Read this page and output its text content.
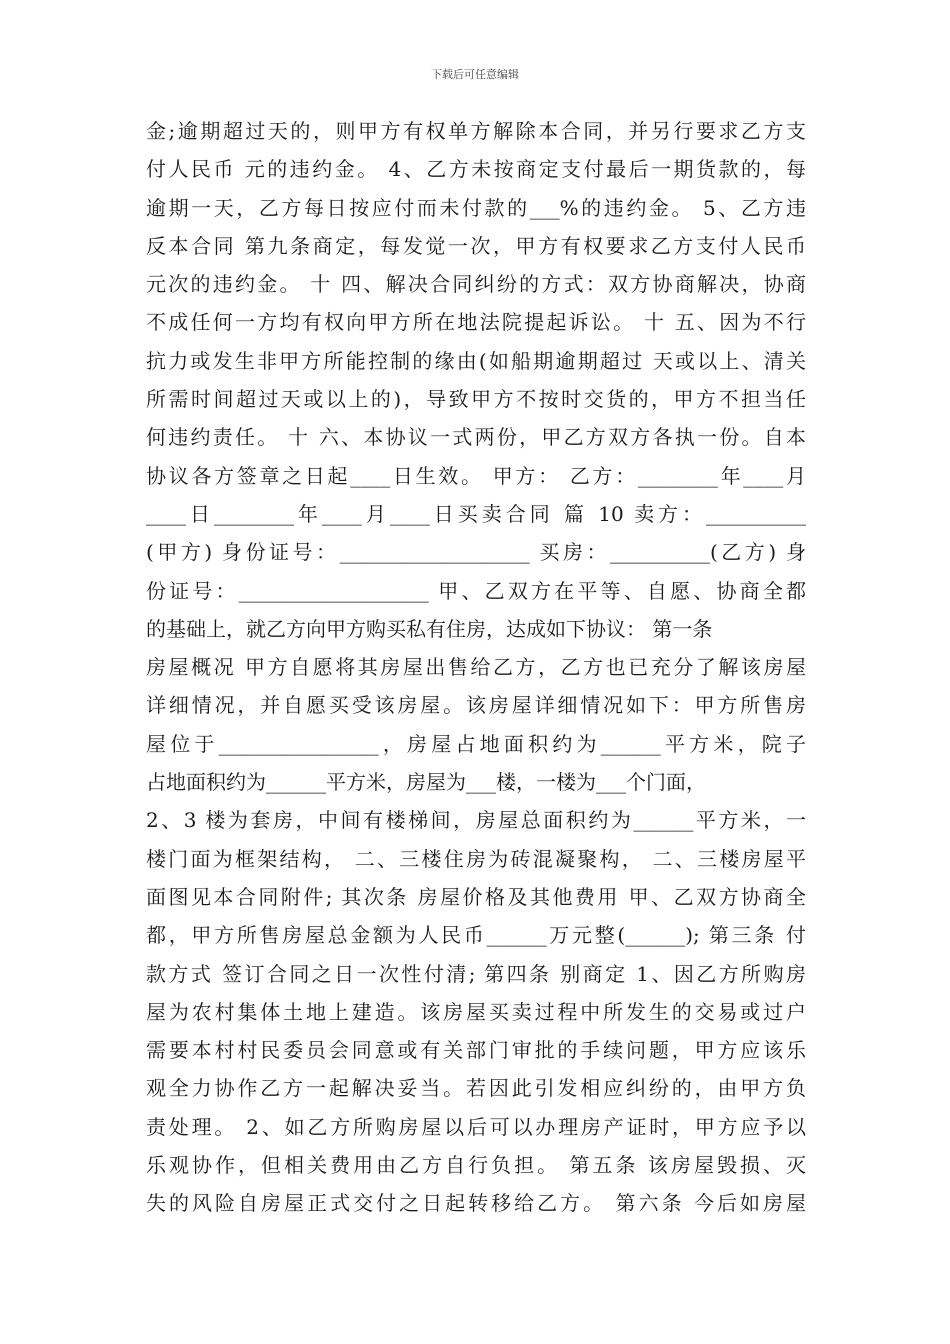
下载后可任意编辑
金;逾期超过天的，则甲方有权单方解除本合同，并另行要求乙方支
付人民币 元的违约金。 4、乙方未按商定支付最后一期货款的，每
逾期一天，乙方每日按应付而未付款的___%的违约金。 5、乙方违
反本合同 第九条商定，每发觉一次，甲方有权要求乙方支付人民币
元次的违约金。 十 四、解决合同纠纷的方式：双方协商解决，协商
不成任何一方均有权向甲方所在地法院提起诉讼。 十 五、因为不行
抗力或发生非甲方所能控制的缘由(如船期逾期超过 天或以上、清关
所需时间超过天或以上的)，导致甲方不按时交货的，甲方不担当任
何违约责任。 十 六、本协议一式两份，甲乙方双方各执一份。自本
协议各方签章之日起____日生效。 甲方： 乙方：________年____月
____日________年____月____日买卖合同 篇 10 卖方：__________
(甲方) 身份证号：___________________ 买房：__________(乙方) 身
份证号：___________________ 甲、乙双方在平等、自愿、协商全都
的基础上，就乙方向甲方购买私有住房，达成如下协议： 第一条
房屋概况 甲方自愿将其房屋出售给乙方，乙方也已充分了解该房屋
详细情况，并自愿买受该房屋。该房屋详细情况如下：甲方所售房
屋位于________________，房屋占地面积约为______平方米，院子
占地面积约为______平方米，房屋为___楼，一楼为___个门面，
2、3 楼为套房，中间有楼梯间，房屋总面积约为______平方米，一
楼门面为框架结构， 二、三楼住房为砖混凝聚构， 二、三楼房屋平
面图见本合同附件; 其次条 房屋价格及其他费用 甲、乙双方协商全
都，甲方所售房屋总金额为人民币______万元整(______); 第三条 付
款方式 签订合同之日一次性付清; 第四条 别商定 1、因乙方所购房
屋为农村集体土地上建造。该房屋买卖过程中所发生的交易或过户
需要本村村民委员会同意或有关部门审批的手续问题，甲方应该乐
观全力协作乙方一起解决妥当。若因此引发相应纠纷的，由甲方负
责处理。 2、如乙方所购房屋以后可以办理房产证时，甲方应予以
乐观协作，但相关费用由乙方自行负担。 第五条 该房屋毁损、灭
失的风险自房屋正式交付之日起转移给乙方。 第六条 今后如房屋
